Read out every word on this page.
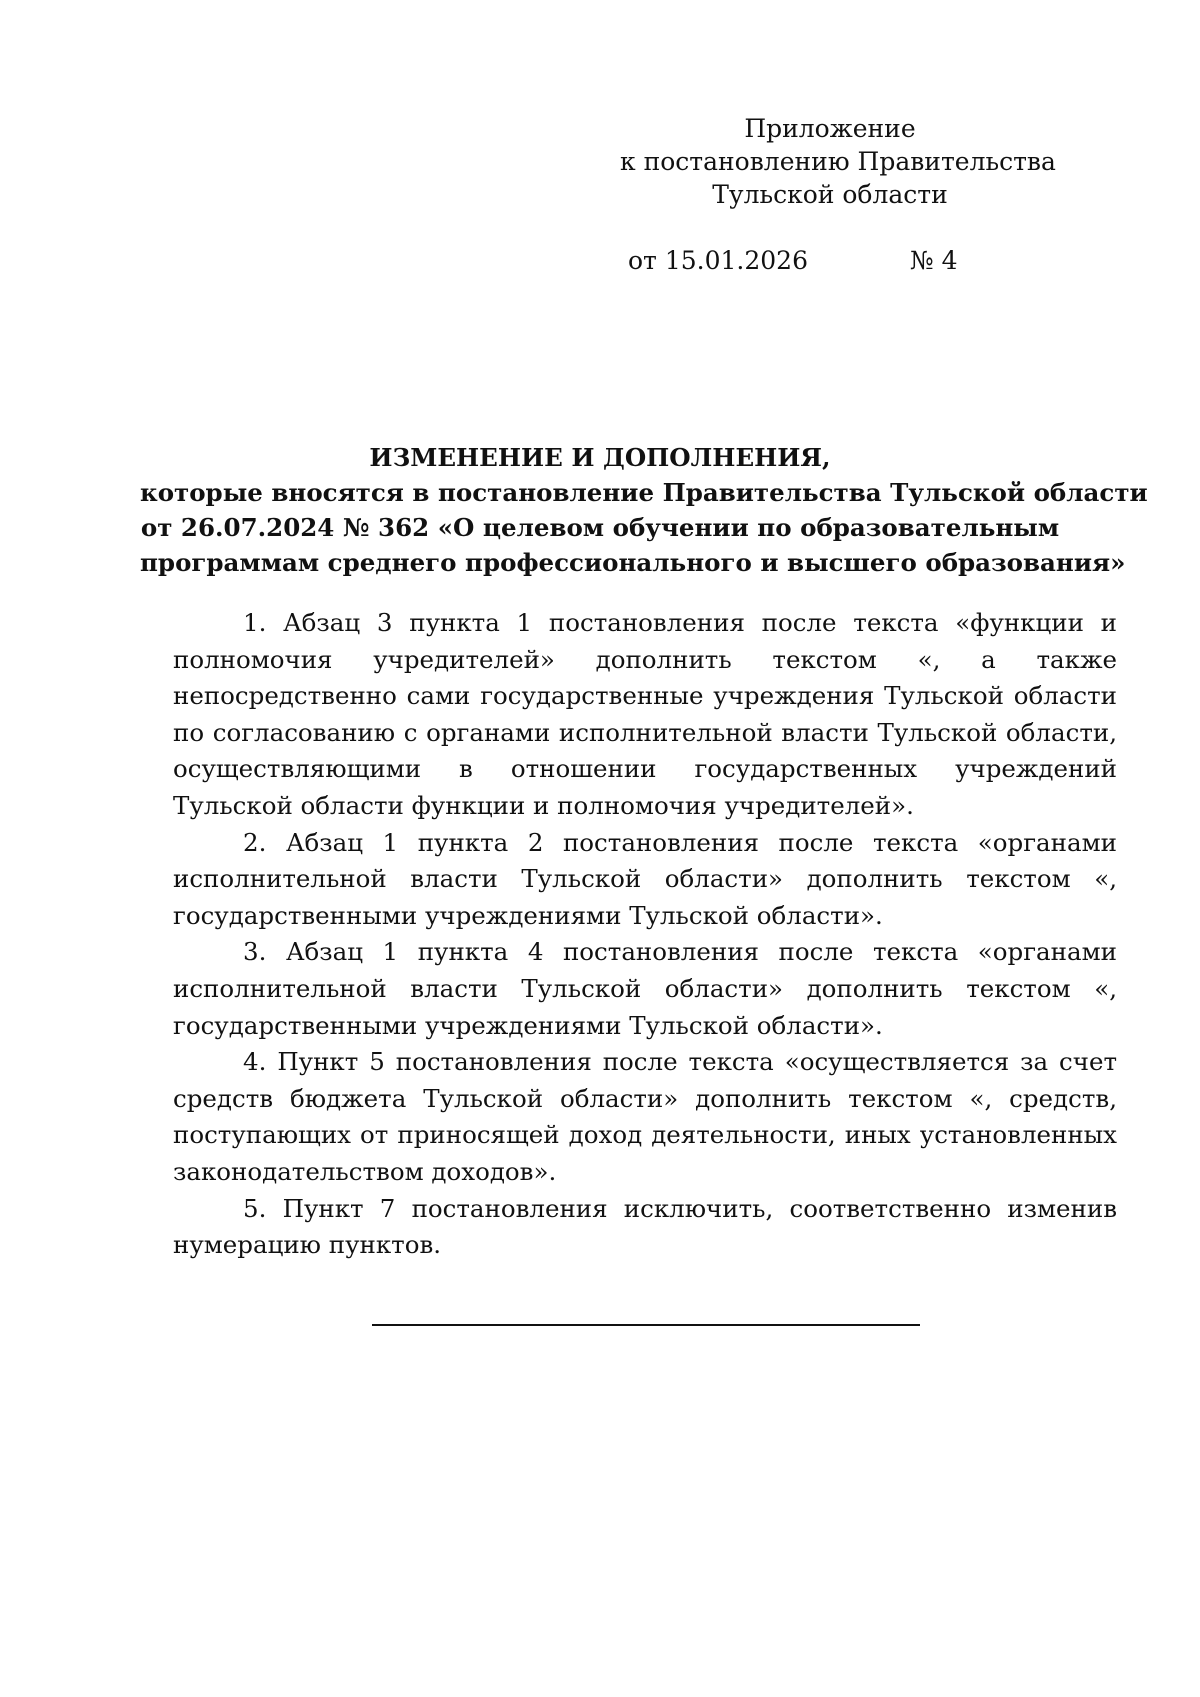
Приложение
к постановлению Правительства
Тульской области
от 15.01.2026	№ 4
ИЗМЕНЕНИЕ И ДОПОЛНЕНИЯ,
которые вносятся в постановление Правительства Тульской области
от 26.07.2024 № 362 «О целевом обучении по образовательным
программам среднего профессионального и высшего образования»

1. Абзац 3 пункта 1 постановления после текста «функции и полномочия учредителей» дополнить текстом «, а также непосредственно сами государственные учреждения Тульской области по согласованию с органами исполнительной власти Тульской области, осуществляющими в отношении государственных учреждений Тульской области функции и полномочия учредителей».

2. Абзац 1 пункта 2 постановления после текста «органами исполнительной власти Тульской области» дополнить текстом «, государственными учреждениями Тульской области».

3. Абзац 1 пункта 4 постановления после текста «органами исполнительной власти Тульской области» дополнить текстом «, государственными учреждениями Тульской области».

4. Пункт 5 постановления после текста «осуществляется за счет средств бюджета Тульской области» дополнить текстом «, средств, поступающих от приносящей доход деятельности, иных установленных законодательством доходов».

5. Пункт 7 постановления исключить, соответственно изменив нумерацию пунктов.
